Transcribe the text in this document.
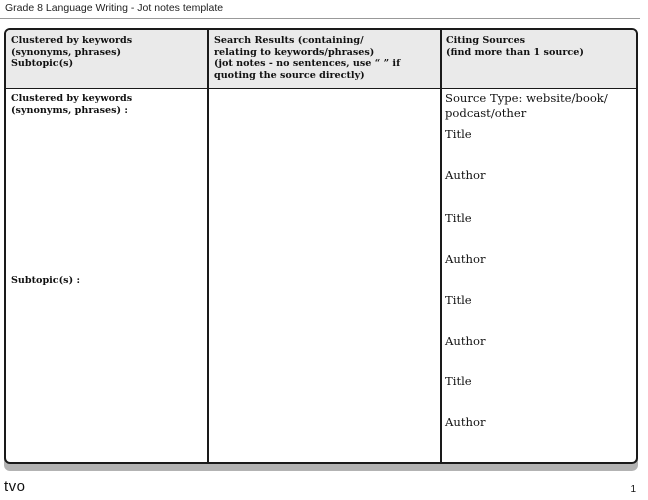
Grade 8 Language Writing - Jot notes template
Clustered by keywords
(synonyms, phrases)
Subtopic(s)
Search Results (containing/
relating to keywords/phrases)
(jot notes - no sentences, use “ ” if
quoting the source directly)
Citing Sources
(find more than 1 source)
Clustered by keywords
(synonyms, phrases) :
Subtopic(s) :
Source Type: website/book/
podcast/other
Title
Author
Title
Author
Title
Author
Title
Author
tvo	1
